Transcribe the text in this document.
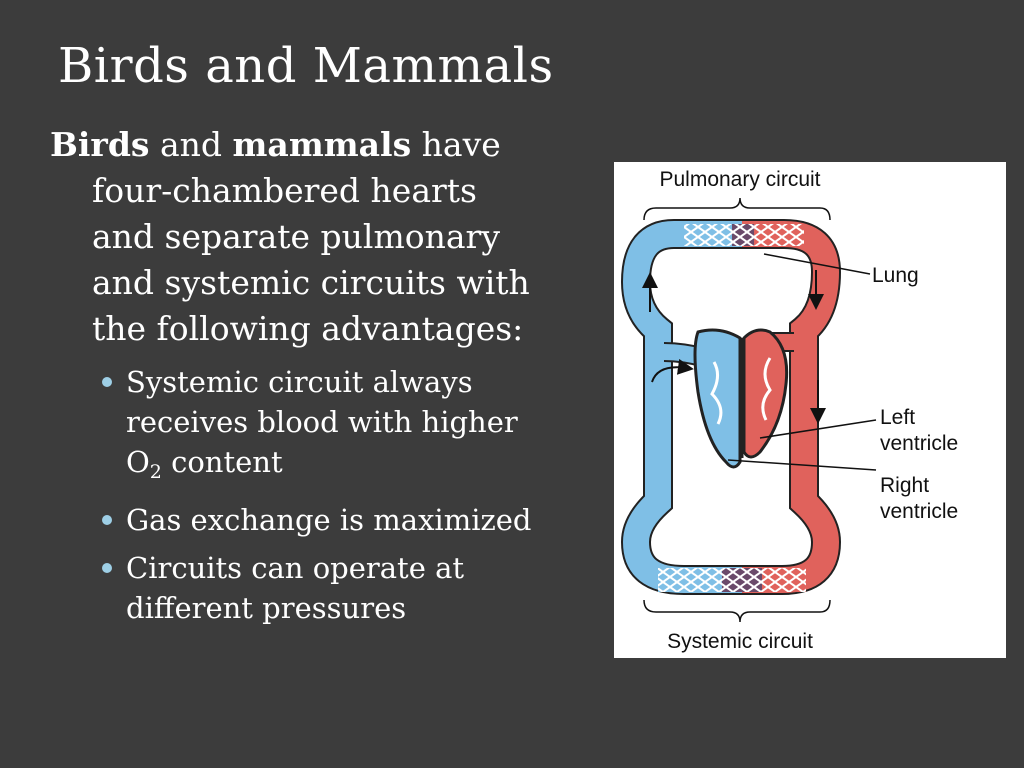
Birds and Mammals

Birds and mammals have four-chambered hearts and separate pulmonary and systemic circuits with the following advantages:

Systemic circuit always receives blood with higher $O_2$ content
Gas exchange is maximized
Circuits can operate at different pressures
Pulmonary circuit
Lung
Left
ventricle
Right
ventricle
Systemic circuit
